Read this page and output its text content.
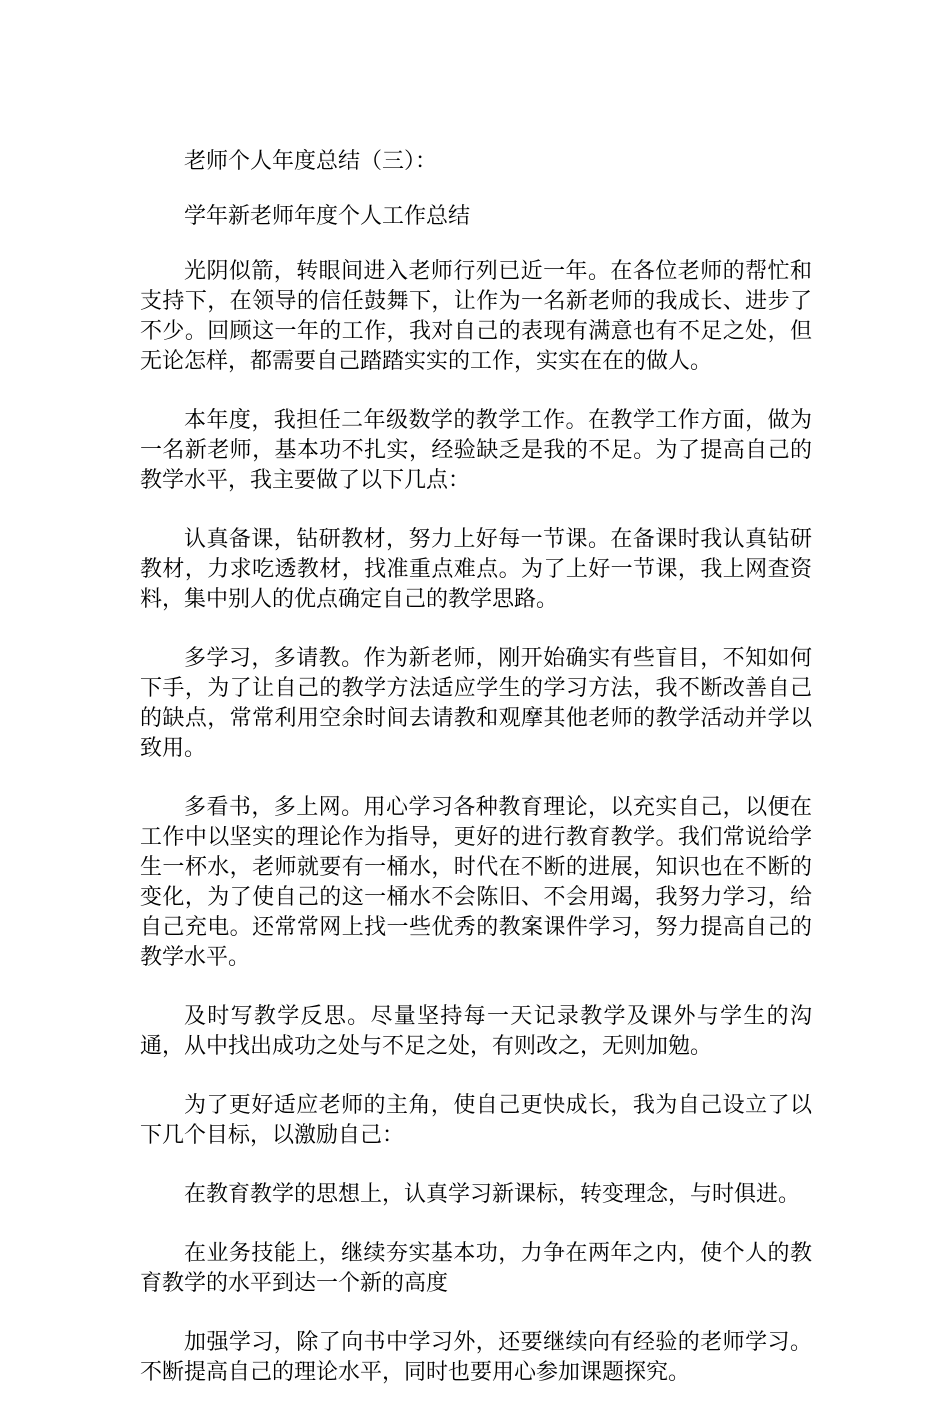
老师个人年度总结（三）：

学年新老师年度个人工作总结

光阴似箭，转眼间进入老师行列已近一年。在各位老师的帮忙和支持下，在领导的信任鼓舞下，让作为一名新老师的我成长、进步了不少。回顾这一年的工作，我对自己的表现有满意也有不足之处，但无论怎样，都需要自己踏踏实实的工作，实实在在的做人。

本年度，我担任二年级数学的教学工作。在教学工作方面，做为一名新老师，基本功不扎实，经验缺乏是我的不足。为了提高自己的教学水平，我主要做了以下几点：

认真备课，钻研教材，努力上好每一节课。在备课时我认真钻研教材，力求吃透教材，找准重点难点。为了上好一节课，我上网查资料，集中别人的优点确定自己的教学思路。

多学习，多请教。作为新老师，刚开始确实有些盲目，不知如何下手，为了让自己的教学方法适应学生的学习方法，我不断改善自己的缺点，常常利用空余时间去请教和观摩其他老师的教学活动并学以致用。

多看书，多上网。用心学习各种教育理论，以充实自己，以便在工作中以坚实的理论作为指导，更好的进行教育教学。我们常说给学生一杯水，老师就要有一桶水，时代在不断的进展，知识也在不断的变化，为了使自己的这一桶水不会陈旧、不会用竭，我努力学习，给自己充电。还常常网上找一些优秀的教案课件学习，努力提高自己的教学水平。

及时写教学反思。尽量坚持每一天记录教学及课外与学生的沟通，从中找出成功之处与不足之处，有则改之，无则加勉。

为了更好适应老师的主角，使自己更快成长，我为自己设立了以下几个目标，以激励自己：

在教育教学的思想上，认真学习新课标，转变理念，与时俱进。

在业务技能上，继续夯实基本功，力争在两年之内，使个人的教育教学的水平到达一个新的高度

加强学习，除了向书中学习外，还要继续向有经验的老师学习。不断提高自己的理论水平，同时也要用心参加课题探究。
